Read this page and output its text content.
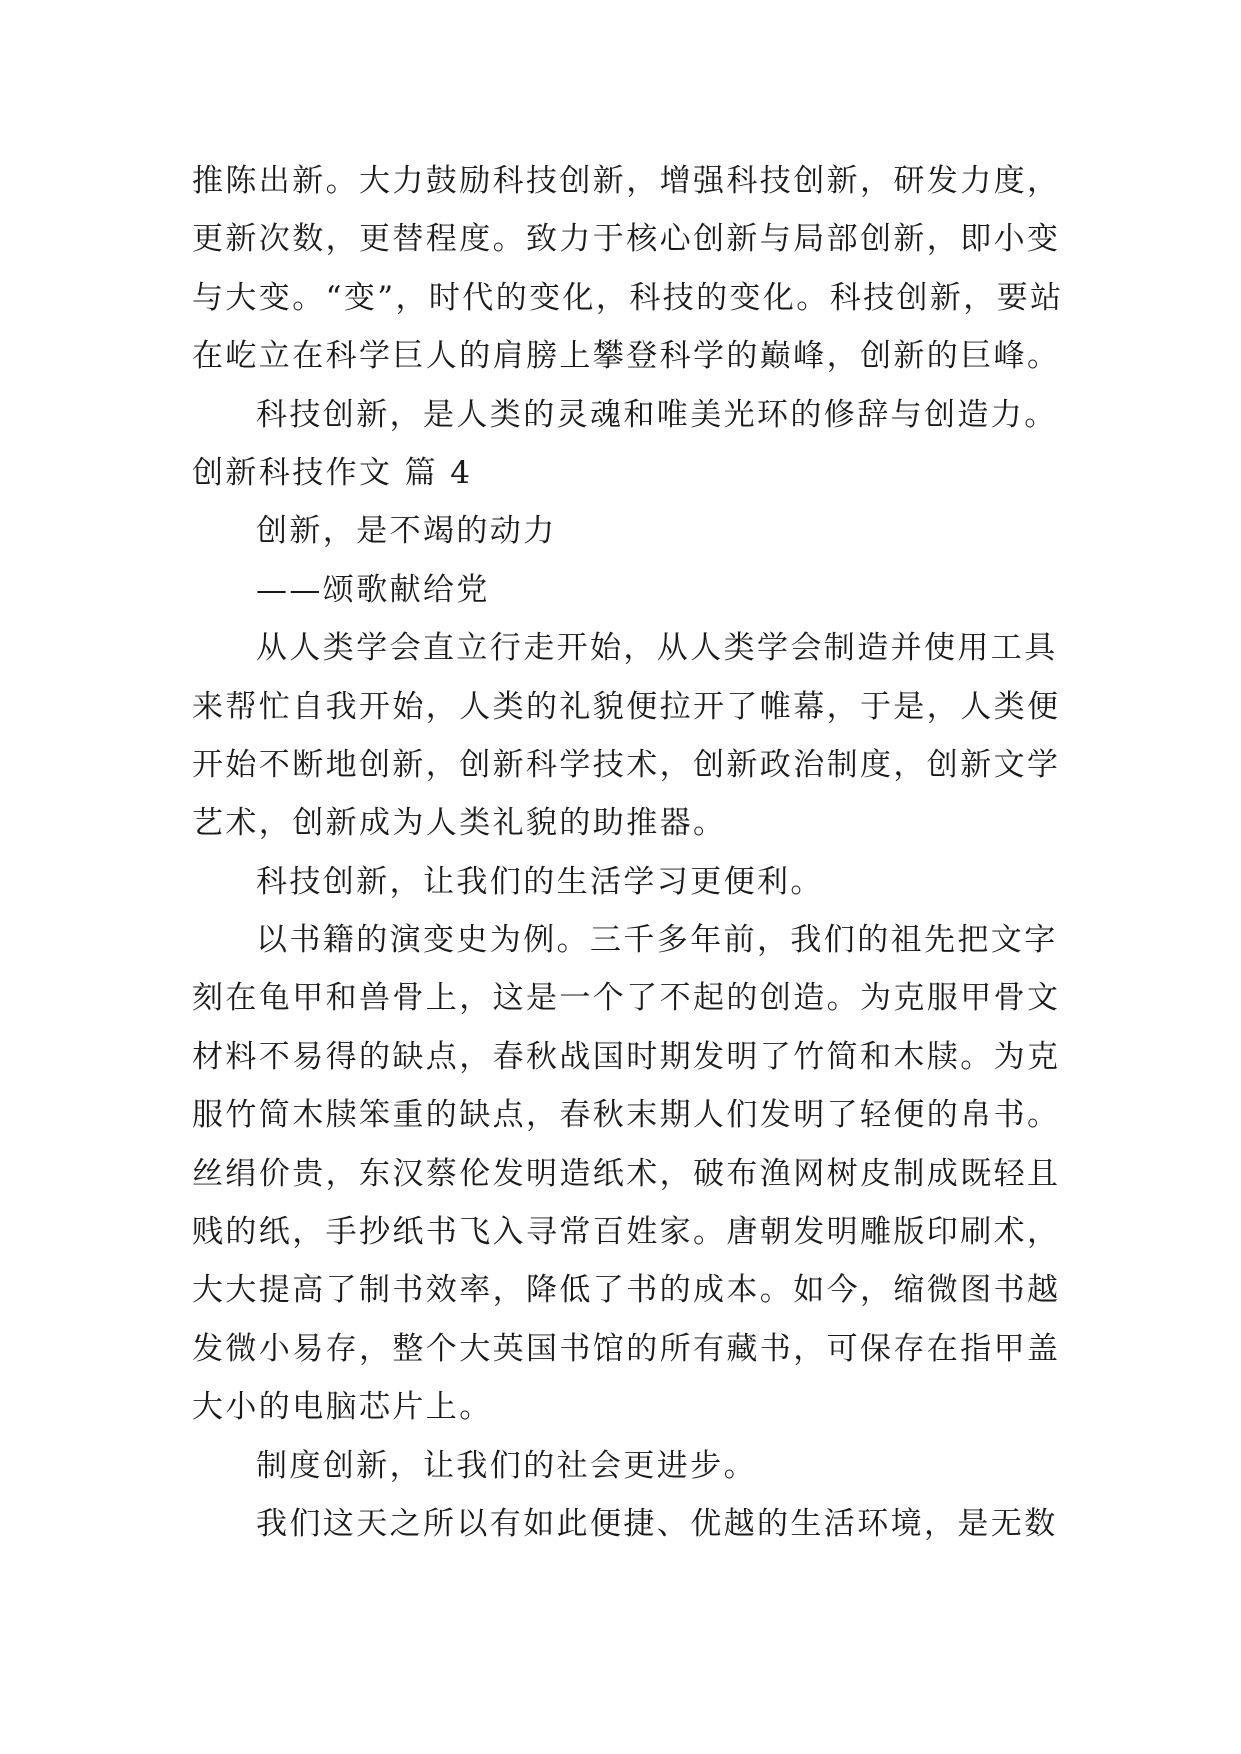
推陈出新。大力鼓励科技创新，增强科技创新，研发力度，
更新次数，更替程度。致力于核心创新与局部创新，即小变
与大变。“变”，时代的变化，科技的变化。科技创新，要站
在屹立在科学巨人的肩膀上攀登科学的巅峰，创新的巨峰。
科技创新，是人类的灵魂和唯美光环的修辞与创造力。
创新科技作文 篇 4
创新，是不竭的动力
——颂歌献给党
从人类学会直立行走开始，从人类学会制造并使用工具
来帮忙自我开始，人类的礼貌便拉开了帷幕，于是，人类便
开始不断地创新，创新科学技术，创新政治制度，创新文学
艺术，创新成为人类礼貌的助推器。
科技创新，让我们的生活学习更便利。
以书籍的演变史为例。三千多年前，我们的祖先把文字
刻在龟甲和兽骨上，这是一个了不起的创造。为克服甲骨文
材料不易得的缺点，春秋战国时期发明了竹简和木牍。为克
服竹简木牍笨重的缺点，春秋末期人们发明了轻便的帛书。
丝绢价贵，东汉蔡伦发明造纸术，破布渔网树皮制成既轻且
贱的纸，手抄纸书飞入寻常百姓家。唐朝发明雕版印刷术，
大大提高了制书效率，降低了书的成本。如今，缩微图书越
发微小易存，整个大英国书馆的所有藏书，可保存在指甲盖
大小的电脑芯片上。
制度创新，让我们的社会更进步。
我们这天之所以有如此便捷、优越的生活环境，是无数
